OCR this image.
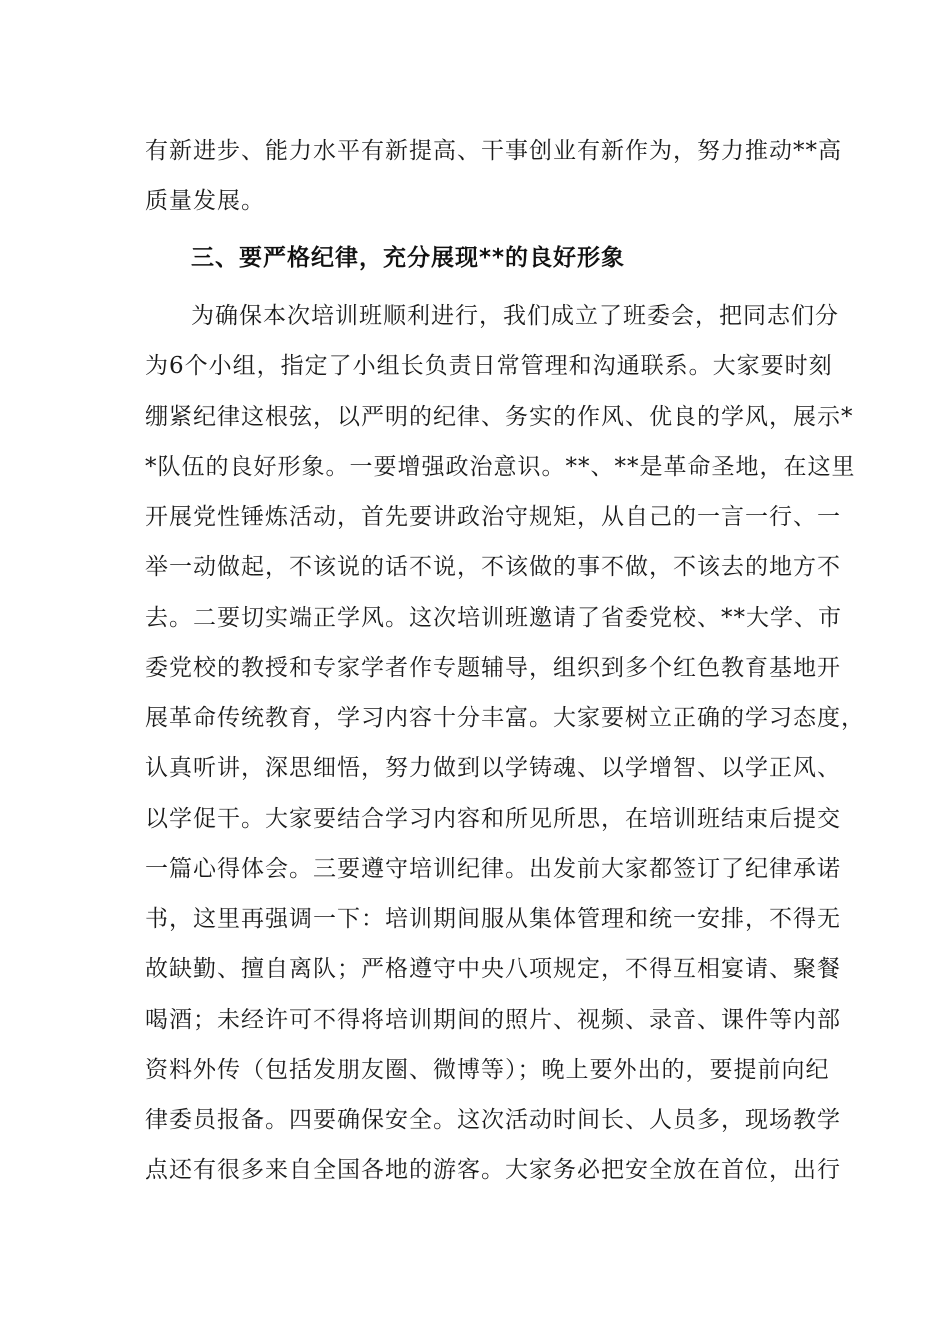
有新进步、能力水平有新提高、干事创业有新作为，努力推动**高
质量发展。
三、要严格纪律，充分展现**的良好形象
为确保本次培训班顺利进行，我们成立了班委会，把同志们分
为6个小组，指定了小组长负责日常管理和沟通联系。大家要时刻
绷紧纪律这根弦，以严明的纪律、务实的作风、优良的学风，展示*
*队伍的良好形象。一要增强政治意识。**、**是革命圣地，在这里
开展党性锤炼活动，首先要讲政治守规矩，从自己的一言一行、一
举一动做起，不该说的话不说，不该做的事不做，不该去的地方不
去。二要切实端正学风。这次培训班邀请了省委党校、**大学、市
委党校的教授和专家学者作专题辅导，组织到多个红色教育基地开
展革命传统教育，学习内容十分丰富。大家要树立正确的学习态度，
认真听讲，深思细悟，努力做到以学铸魂、以学增智、以学正风、
以学促干。大家要结合学习内容和所见所思，在培训班结束后提交
一篇心得体会。三要遵守培训纪律。出发前大家都签订了纪律承诺
书，这里再强调一下：培训期间服从集体管理和统一安排，不得无
故缺勤、擅自离队；严格遵守中央八项规定，不得互相宴请、聚餐
喝酒；未经许可不得将培训期间的照片、视频、录音、课件等内部
资料外传（包括发朋友圈、微博等）；晚上要外出的，要提前向纪
律委员报备。四要确保安全。这次活动时间长、人员多，现场教学
点还有很多来自全国各地的游客。大家务必把安全放在首位，出行
